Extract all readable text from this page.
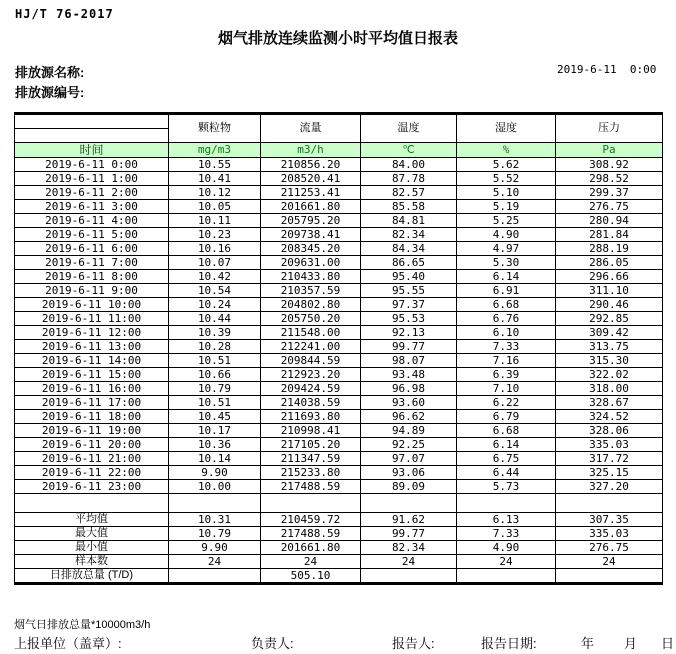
HJ/T 76-2017
烟气排放连续监测小时平均值日报表
排放源名称:
排放源编号:
2019-6-11  0:00
	颗粒物	流量	温度	湿度	压力

时间	mg/m3	m3/h	℃	%	Pa
2019-6-11 0:00	10.55	210856.20	84.00	5.62	308.92
2019-6-11 1:00	10.41	208520.41	87.78	5.52	298.52
2019-6-11 2:00	10.12	211253.41	82.57	5.10	299.37
2019-6-11 3:00	10.05	201661.80	85.58	5.19	276.75
2019-6-11 4:00	10.11	205795.20	84.81	5.25	280.94
2019-6-11 5:00	10.23	209738.41	82.34	4.90	281.84
2019-6-11 6:00	10.16	208345.20	84.34	4.97	288.19
2019-6-11 7:00	10.07	209631.00	86.65	5.30	286.05
2019-6-11 8:00	10.42	210433.80	95.40	6.14	296.66
2019-6-11 9:00	10.54	210357.59	95.55	6.91	311.10
2019-6-11 10:00	10.24	204802.80	97.37	6.68	290.46
2019-6-11 11:00	10.44	205750.20	95.53	6.76	292.85
2019-6-11 12:00	10.39	211548.00	92.13	6.10	309.42
2019-6-11 13:00	10.28	212241.00	99.77	7.33	313.75
2019-6-11 14:00	10.51	209844.59	98.07	7.16	315.30
2019-6-11 15:00	10.66	212923.20	93.48	6.39	322.02
2019-6-11 16:00	10.79	209424.59	96.98	7.10	318.00
2019-6-11 17:00	10.51	214038.59	93.60	6.22	328.67
2019-6-11 18:00	10.45	211693.80	96.62	6.79	324.52
2019-6-11 19:00	10.17	210998.41	94.89	6.68	328.06
2019-6-11 20:00	10.36	217105.20	92.25	6.14	335.03
2019-6-11 21:00	10.14	211347.59	97.07	6.75	317.72
2019-6-11 22:00	9.90	215233.80	93.06	6.44	325.15
2019-6-11 23:00	10.00	217488.59	89.09	5.73	327.20

平均值	10.31	210459.72	91.62	6.13	307.35
最大值	10.79	217488.59	99.77	7.33	335.03
最小值	9.90	201661.80	82.34	4.90	276.75
样本数	24	24	24	24	24
日排放总量 (T/D)		505.10			
烟气日排放总量*10000m3/h
上报单位（盖章）:	负责人:	报告人:	报告日期:	年 月 日
